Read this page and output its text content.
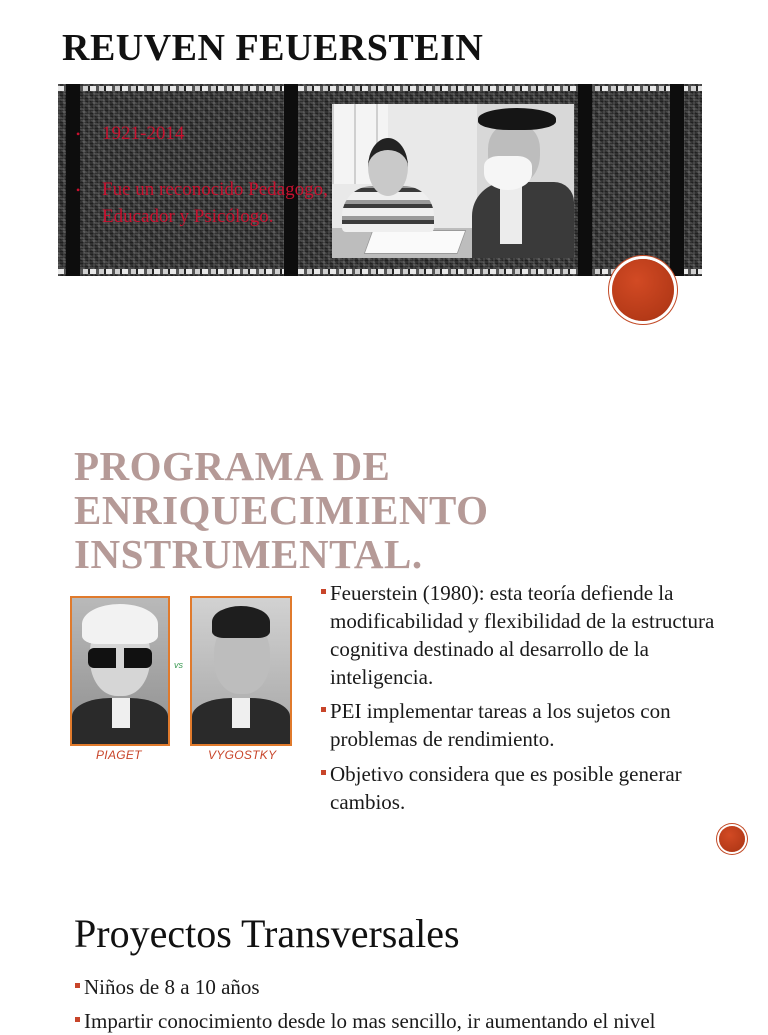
REUVEN FEUERSTEIN
• 1921-2014
• Fue un reconocido Pedagogo, Educador y Psicólogo.
PROGRAMA DE ENRIQUECIMIENTO INSTRUMENTAL.
vs
PIAGET	VYGOSTKY
Feuerstein (1980): esta teoría defiende la modificabilidad y flexibilidad de la estructura cognitiva destinado al desarrollo de la inteligencia.
PEI implementar tareas a los sujetos con problemas de rendimiento.
Objetivo considera que es posible generar cambios.
Proyectos Transversales
Niños de 8 a 10 años
Impartir conocimiento desde lo mas sencillo, ir aumentando el nivel
